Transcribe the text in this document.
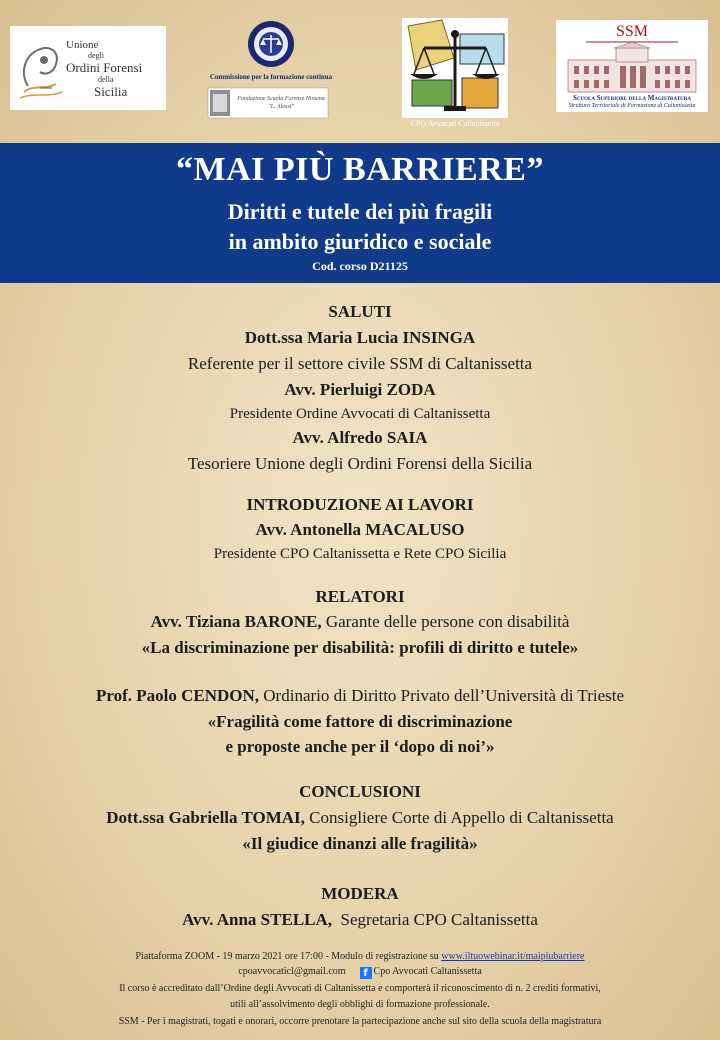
Unione
degli
Ordini Forensi
della
Sicilia
Commissione per la formazione continua
Fondazione Scuola Forense Nissena "L. Alessi"
CPO Avvocati Caltanissetta
SSM
Scuola Superiore della Magistratura
Struttura Territoriale di Formazione di Caltanissetta
“MAI PIÙ BARRIERE”
Diritti e tutele dei più fragili
in ambito giuridico e sociale
Cod. corso D21125
SALUTI
Dott.ssa Maria Lucia INSINGA
Referente per il settore civile SSM di Caltanissetta
Avv. Pierluigi ZODA
Presidente Ordine Avvocati di Caltanissetta
Avv. Alfredo SAIA
Tesoriere Unione degli Ordini Forensi della Sicilia
INTRODUZIONE AI LAVORI
Avv. Antonella MACALUSO
Presidente CPO Caltanissetta e Rete CPO Sicilia
RELATORI
Avv. Tiziana BARONE, Garante delle persone con disabilità
«La discriminazione per disabilità: profili di diritto e tutele»
Prof. Paolo CENDON, Ordinario di Diritto Privato dell’Università di Trieste
«Fragilità come fattore di discriminazione
e proposte anche per il ‘dopo di noi’»
CONCLUSIONI
Dott.ssa Gabriella TOMAI, Consigliere Corte di Appello di Caltanissetta
«Il giudice dinanzi alle fragilità»
MODERA
Avv. Anna STELLA,  Segretaria CPO Caltanissetta
Piattaforma ZOOM - 19 marzo 2021 ore 17:00 - Modulo di registrazione su www.iltuowebinar.it/maipiubarriere
cpoavvocaticl@gmail.com f Cpo Avvocati Caltanissetta
Il corso è accreditato dall’Ordine degli Avvocati di Caltanissetta e comporterà il riconoscimento di n. 2 crediti formativi,
utili all’assolvimento degli obblighi di formazione professionale.
SSM - Per i magistrati, togati e onorari, occorre prenotare la partecipazione anche sul sito della scuola della magistratura
